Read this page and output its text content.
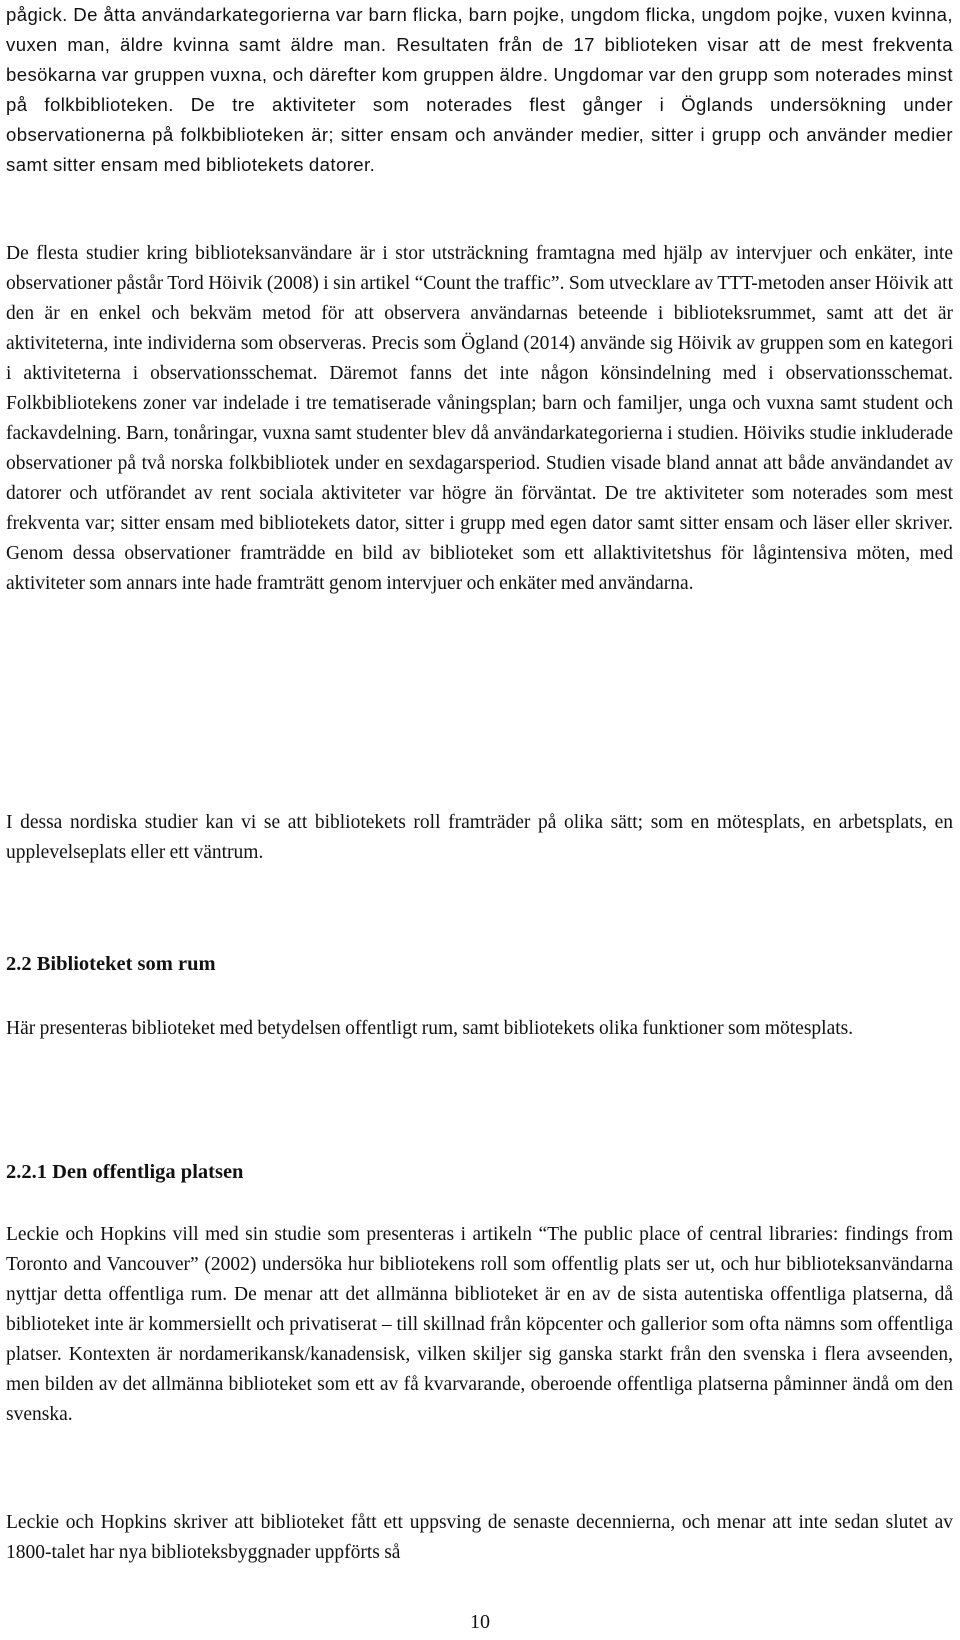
pågick. De åtta användarkategorierna var barn flicka, barn pojke, ungdom flicka, ungdom pojke, vuxen kvinna, vuxen man, äldre kvinna samt äldre man. Resultaten från de 17 biblioteken visar att de mest frekventa besökarna var gruppen vuxna, och därefter kom gruppen äldre. Ungdomar var den grupp som noterades minst på folkbiblioteken. De tre aktiviteter som noterades flest gånger i Öglands undersökning under observationerna på folkbiblioteken är; sitter ensam och använder medier, sitter i grupp och använder medier samt sitter ensam med bibliotekets datorer.

De flesta studier kring biblioteksanvändare är i stor utsträckning framtagna med hjälp av intervjuer och enkäter, inte observationer påstår Tord Höivik (2008) i sin artikel “Count the traffic”. Som utvecklare av TTT-metoden anser Höivik att den är en enkel och bekväm metod för att observera användarnas beteende i biblioteksrummet, samt att det är aktiviteterna, inte individerna som observeras. Precis som Ögland (2014) använde sig Höivik av gruppen som en kategori i aktiviteterna i observationsschemat. Däremot fanns det inte någon könsindelning med i observationsschemat. Folkbibliotekens zoner var indelade i tre tematiserade våningsplan; barn och familjer, unga och vuxna samt student och fackavdelning. Barn, tonåringar, vuxna samt studenter blev då användarkategorierna i studien. Höiviks studie inkluderade observationer på två norska folkbibliotek under en sexdagarsperiod. Studien visade bland annat att både användandet av datorer och utförandet av rent sociala aktiviteter var högre än förväntat. De tre aktiviteter som noterades som mest frekventa var; sitter ensam med bibliotekets dator, sitter i grupp med egen dator samt sitter ensam och läser eller skriver. Genom dessa observationer framträdde en bild av biblioteket som ett allaktivitetshus för lågintensiva möten, med aktiviteter som annars inte hade framträtt genom intervjuer och enkäter med användarna.

I dessa nordiska studier kan vi se att bibliotekets roll framträder på olika sätt; som en mötesplats, en arbetsplats, en upplevelseplats eller ett väntrum.

2.2 Biblioteket som rum

Här presenteras biblioteket med betydelsen offentligt rum, samt bibliotekets olika funktioner som mötesplats.

2.2.1 Den offentliga platsen

Leckie och Hopkins vill med sin studie som presenteras i artikeln “The public place of central libraries: findings from Toronto and Vancouver” (2002) undersöka hur bibliotekens roll som offentlig plats ser ut, och hur biblioteksanvändarna nyttjar detta offentliga rum. De menar att det allmänna biblioteket är en av de sista autentiska offentliga platserna, då biblioteket inte är kommersiellt och privatiserat – till skillnad från köpcenter och gallerior som ofta nämns som offentliga platser. Kontexten är nordamerikansk/kanadensisk, vilken skiljer sig ganska starkt från den svenska i flera avseenden, men bilden av det allmänna biblioteket som ett av få kvarvarande, oberoende offentliga platserna påminner ändå om den svenska.

Leckie och Hopkins skriver att biblioteket fått ett uppsving de senaste decennierna, och menar att inte sedan slutet av 1800-talet har nya biblioteksbyggnader uppförts så

10
